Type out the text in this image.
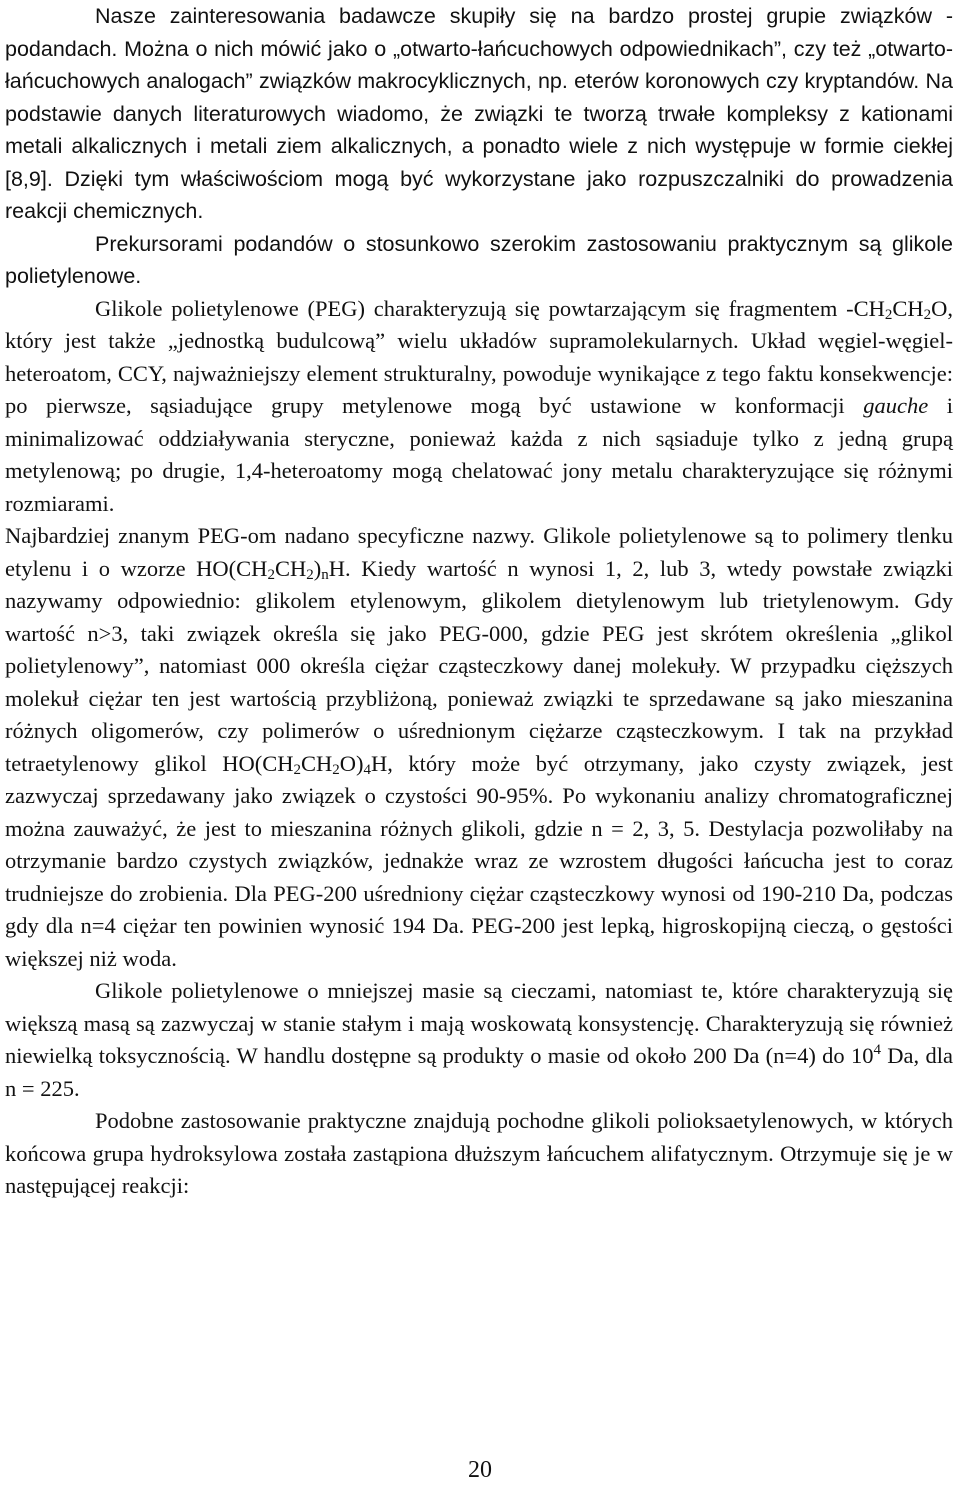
Nasze zainteresowania badawcze skupiły się na bardzo prostej grupie związków - podandach. Można o nich mówić jako o „otwarto-łańcuchowych odpowiednikach”, czy też „otwarto-łańcuchowych analogach” związków makrocyklicznych, np. eterów koronowych czy kryptandów. Na podstawie danych literaturowych wiadomo, że związki te tworzą trwałe kompleksy z kationami metali alkalicznych i metali ziem alkalicznych, a ponadto wiele z nich występuje w formie ciekłej [8,9]. Dzięki tym właściwościom mogą być wykorzystane jako rozpuszczalniki do prowadzenia reakcji chemicznych.

Prekursorami podandów o stosunkowo szerokim zastosowaniu praktycznym są glikole polietylenowe.

Glikole polietylenowe (PEG) charakteryzują się powtarzającym się fragmentem $-CH_2CH_2O$, który jest także „jednostką budulcową” wielu układów supramolekularnych. Układ węgiel-węgiel-heteroatom, CCY, najważniejszy element strukturalny, powoduje wynikające z tego faktu konsekwencje: po pierwsze, sąsiadujące grupy metylenowe mogą być ustawione w konformacji gauche i minimalizować oddziaływania steryczne, ponieważ każda z nich sąsiaduje tylko z jedną grupą metylenową; po drugie, 1,4-heteroatomy mogą chelatować jony metalu charakteryzujące się różnymi rozmiarami.

Najbardziej znanym PEG-om nadano specyficzne nazwy. Glikole polietylenowe są to polimery tlenku etylenu i o wzorze $HO(CH_2CH_2)_nH$. Kiedy wartość n wynosi 1, 2, lub 3, wtedy powstałe związki nazywamy odpowiednio: glikolem etylenowym, glikolem dietylenowym lub trietylenowym. Gdy wartość n>3, taki związek określa się jako PEG-000, gdzie PEG jest skrótem określenia „glikol polietylenowy”, natomiast 000 określa ciężar cząsteczkowy danej molekuły. W przypadku cięższych molekuł ciężar ten jest wartością przybliżoną, ponieważ związki te sprzedawane są jako mieszanina różnych oligomerów, czy polimerów o uśrednionym ciężarze cząsteczkowym. I tak na przykład tetraetylenowy glikol $HO(CH_2CH_2O)_4H$, który może być otrzymany, jako czysty związek, jest zazwyczaj sprzedawany jako związek o czystości 90-95%. Po wykonaniu analizy chromatograficznej można zauważyć, że jest to mieszanina różnych glikoli, gdzie n = 2, 3, 5. Destylacja pozwoliłaby na otrzymanie bardzo czystych związków, jednakże wraz ze wzrostem długości łańcucha jest to coraz trudniejsze do zrobienia. Dla PEG-200 uśredniony ciężar cząsteczkowy wynosi od 190-210 Da, podczas gdy dla n=4 ciężar ten powinien wynosić 194 Da. PEG-200 jest lepką, higroskopijną cieczą, o gęstości większej niż woda.

Glikole polietylenowe o mniejszej masie są cieczami, natomiast te, które charakteryzują się większą masą są zazwyczaj w stanie stałym i mają woskowatą konsystencję. Charakteryzują się również niewielką toksycznością. W handlu dostępne są produkty o masie od około 200 Da (n=4) do $10^4$ Da, dla n = 225.

Podobne zastosowanie praktyczne znajdują pochodne glikoli polioksaetylenowych, w których końcowa grupa hydroksylowa została zastąpiona dłuższym łańcuchem alifatycznym. Otrzymuje się je w następującej reakcji:

20
